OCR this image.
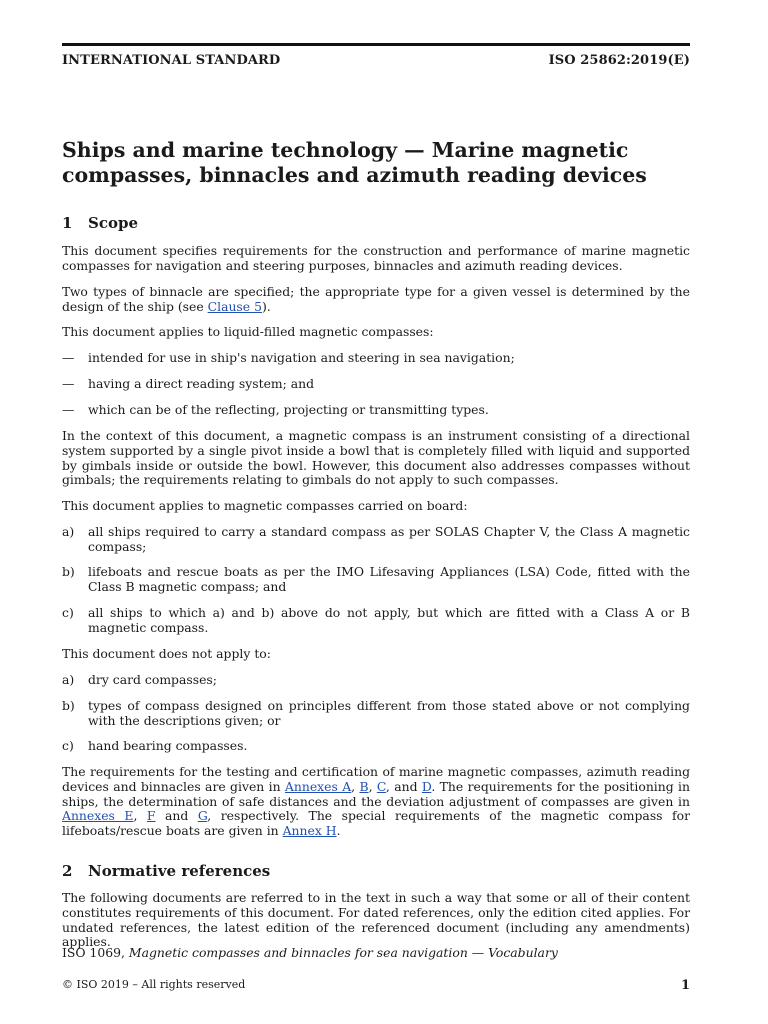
INTERNATIONAL STANDARD	ISO 25862:2019(E)
Ships and marine technology — Marine magnetic
compasses, binnacles and azimuth reading devices
1 Scope

This document specifies requirements for the construction and performance of marine magnetic compasses for navigation and steering purposes, binnacles and azimuth reading devices.

Two types of binnacle are specified; the appropriate type for a given vessel is determined by the design of the ship (see Clause 5).

This document applies to liquid-filled magnetic compasses:

—	intended for use in ship's navigation and steering in sea navigation;
—	having a direct reading system; and
—	which can be of the reflecting, projecting or transmitting types.

In the context of this document, a magnetic compass is an instrument consisting of a directional system supported by a single pivot inside a bowl that is completely filled with liquid and supported by gimbals inside or outside the bowl. However, this document also addresses compasses without gimbals; the requirements relating to gimbals do not apply to such compasses.

This document applies to magnetic compasses carried on board:

a)	all ships required to carry a standard compass as per SOLAS Chapter V, the Class A magnetic compass;
b)	lifeboats and rescue boats as per the IMO Lifesaving Appliances (LSA) Code, fitted with the Class B magnetic compass; and
c)	all ships to which a) and b) above do not apply, but which are fitted with a Class A or B magnetic compass.

This document does not apply to:

a)	dry card compasses;
b)	types of compass designed on principles different from those stated above or not complying with the descriptions given; or
c)	hand bearing compasses.

The requirements for the testing and certification of marine magnetic compasses, azimuth reading devices and binnacles are given in Annexes A, B, C, and D. The requirements for the positioning in ships, the determination of safe distances and the deviation adjustment of compasses are given in Annexes E, F and G, respectively. The special requirements of the magnetic compass for lifeboats/rescue boats are given in Annex H.

2 Normative references

The following documents are referred to in the text in such a way that some or all of their content constitutes requirements of this document. For dated references, only the edition cited applies. For undated references, the latest edition of the referenced document (including any amendments) applies.

ISO 1069, Magnetic compasses and binnacles for sea navigation — Vocabulary

© ISO 2019 – All rights reserved	1
